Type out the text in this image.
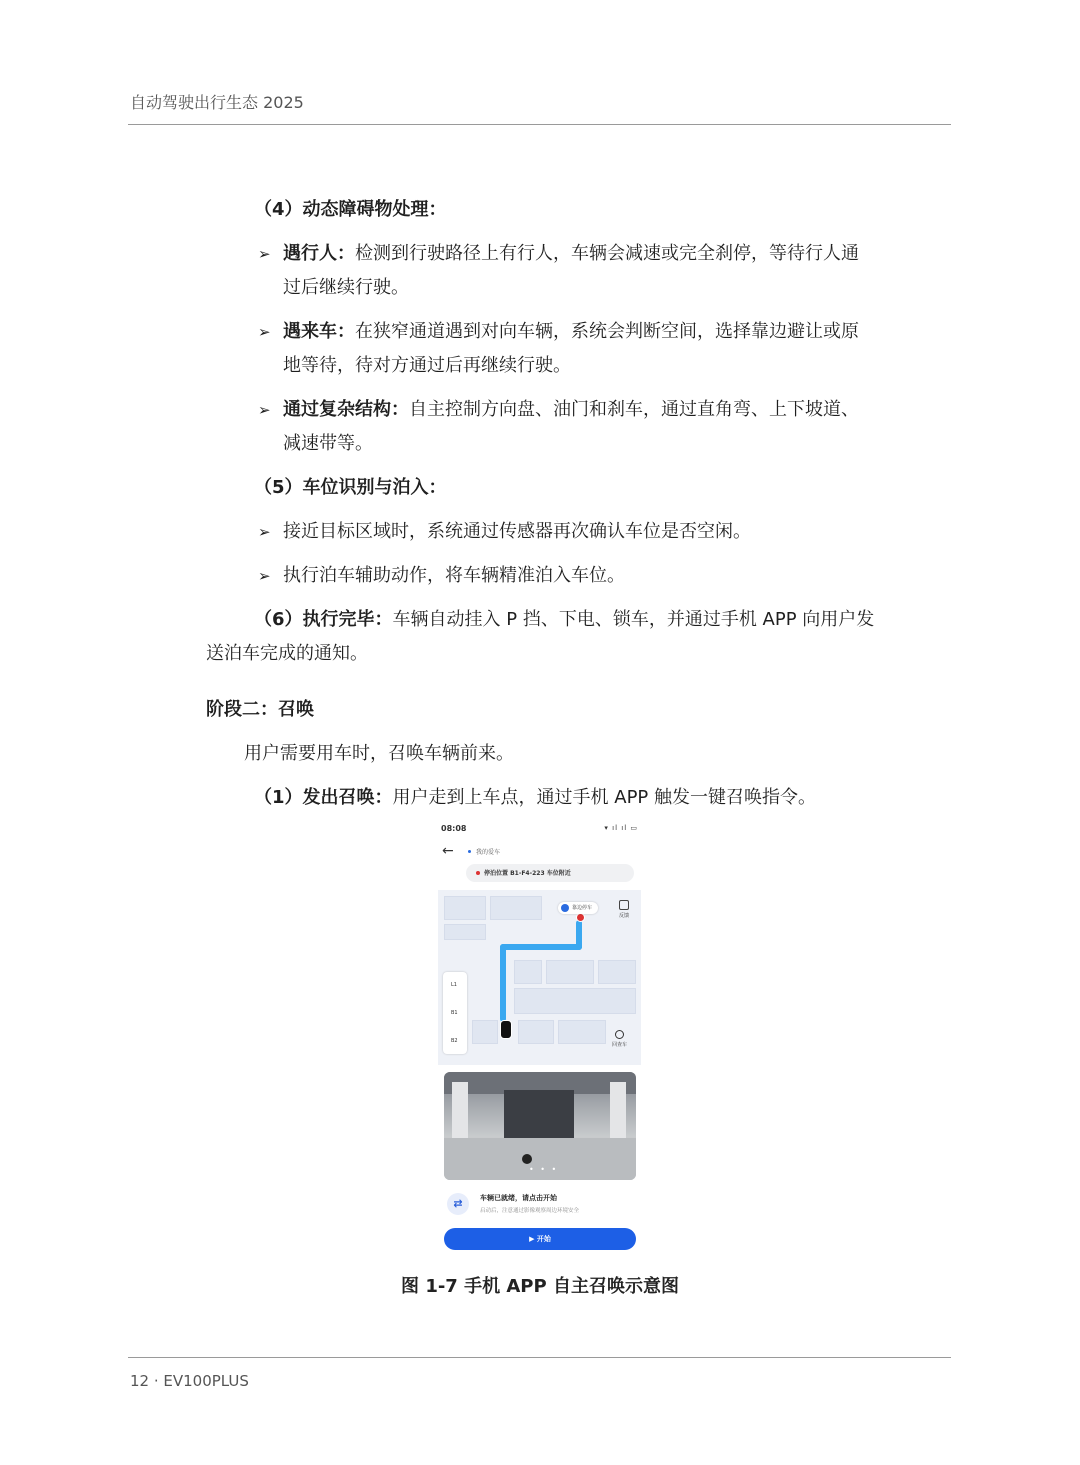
自动驾驶出行生态 2025
（4）动态障碍物处理：
➢ 遇行人：检测到行驶路径上有行人，车辆会减速或完全刹停，等待行人通过后继续行驶。
➢ 遇来车：在狭窄通道遇到对向车辆，系统会判断空间，选择靠边避让或原地等待，待对方通过后再继续行驶。
➢ 通过复杂结构：自主控制方向盘、油门和刹车，通过直角弯、上下坡道、减速带等。
（5）车位识别与泊入：
➢ 接近目标区域时，系统通过传感器再次确认车位是否空闲。
➢ 执行泊车辅助动作，将车辆精准泊入车位。
（6）执行完毕：车辆自动挂入 P 挡、下电、锁车，并通过手机 APP 向用户发送泊车完成的通知。
阶段二：召唤
用户需要用车时，召唤车辆前来。
（1）发出召唤：用户走到上车点，通过手机 APP 触发一键召唤指令。
08:08	▾ ıl ıl ▭
←	我的爱车
停泊位置 B1-F4-223 车位附近
靠边停车
反馈
L1
B1
B2
回查车
• • •
⇄	车辆已就绪，请点击开始
启动后，注意通过影像观察周边环境安全
▶ 开始
图 1-7 手机 APP 自主召唤示意图
12 · EV100PLUS
